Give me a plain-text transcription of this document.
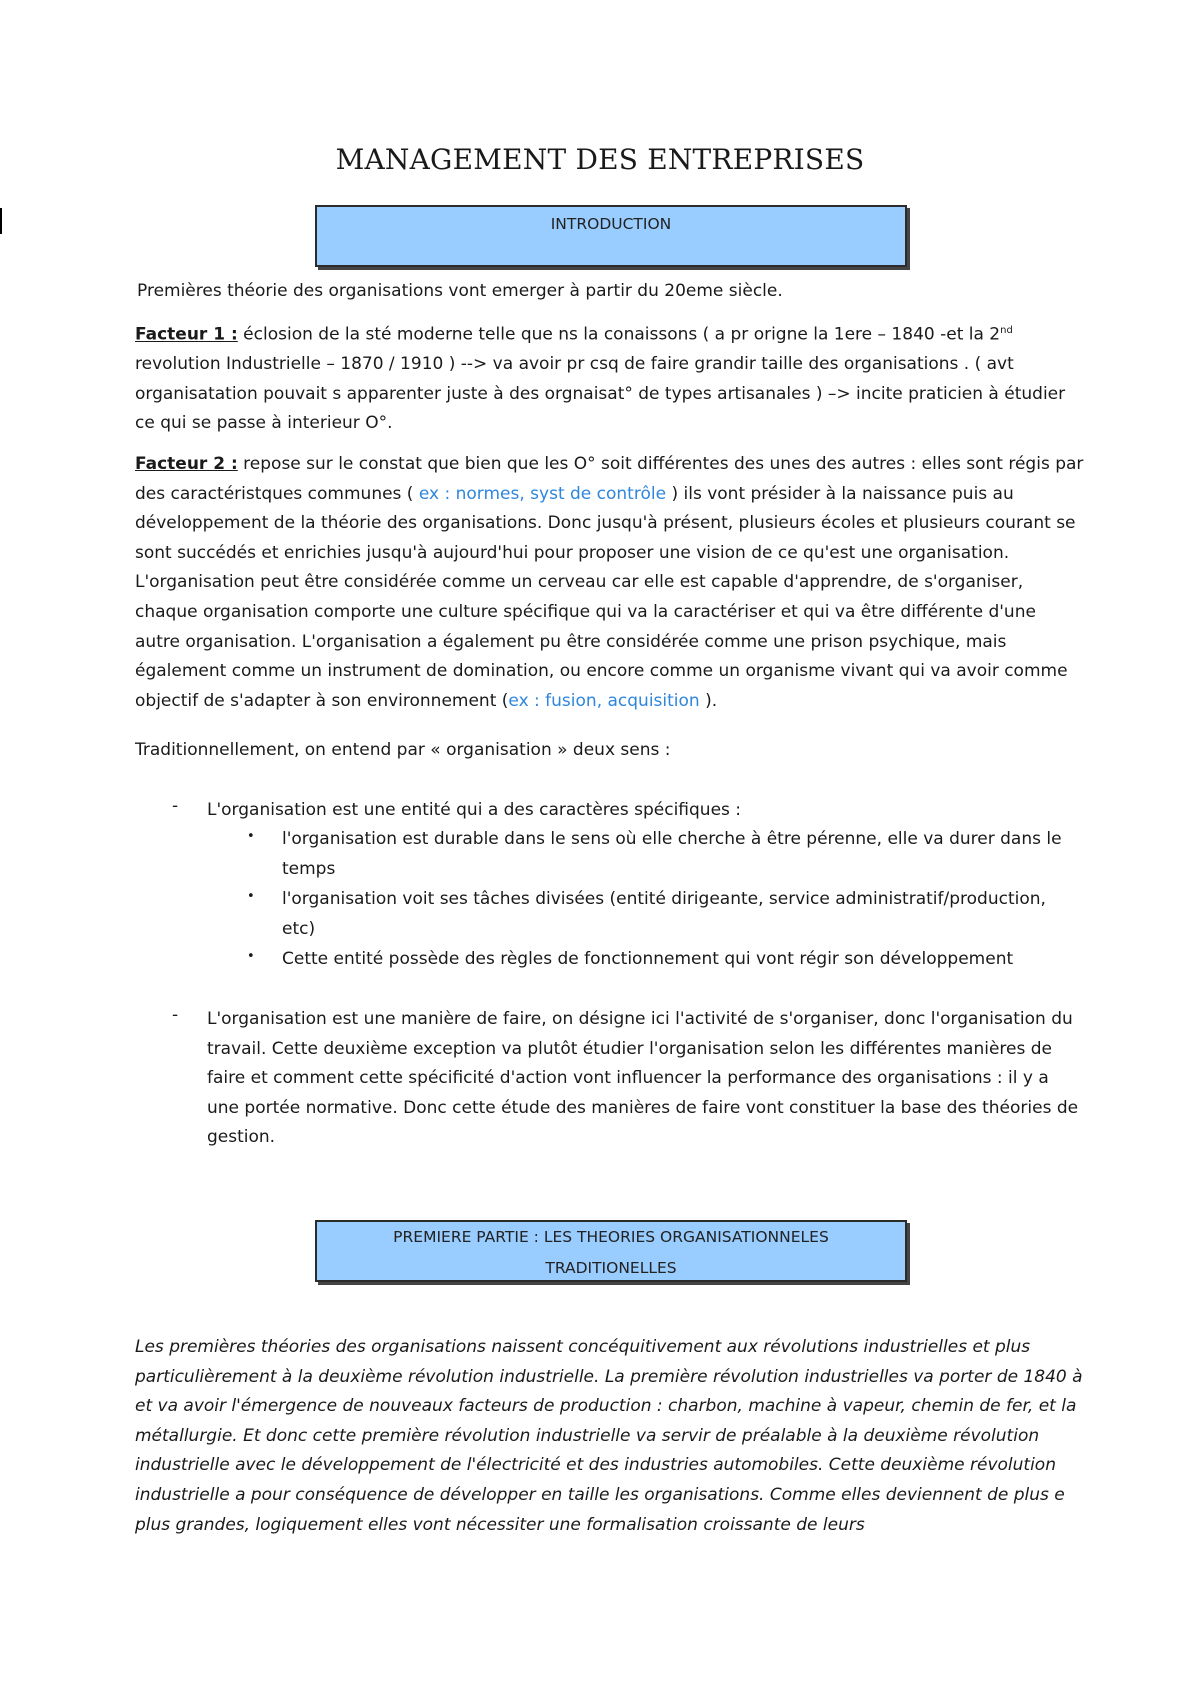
MANAGEMENT DES ENTREPRISES
INTRODUCTION
Premières théorie des organisations vont emerger à partir du 20eme siècle.
Facteur 1 : éclosion de la sté moderne telle que ns la conaissons ( a pr origne la 1ere – 1840 -et la 2nd revolution Industrielle – 1870 / 1910 ) --> va avoir pr csq de faire grandir taille des organisations . ( avt organisatation pouvait s apparenter juste à des orgnaisat° de types artisanales ) –> incite praticien à étudier ce qui se passe à interieur O°.
Facteur 2 : repose sur le constat que bien que les O° soit différentes des unes des autres : elles sont régis par des caractéristques communes ( ex : normes, syst de contrôle ) ils vont présider à la naissance puis au développement de la théorie des organisations. Donc jusqu'à présent, plusieurs écoles et plusieurs courant se sont succédés et enrichies jusqu'à aujourd'hui pour proposer une vision de ce qu'est une organisation. L'organisation peut être considérée comme un cerveau car elle est capable d'apprendre, de s'organiser, chaque organisation comporte une culture spécifique qui va la caractériser et qui va être différente d'une autre organisation. L'organisation a également pu être considérée comme une prison psychique, mais également comme un instrument de domination, ou encore comme un organisme vivant qui va avoir comme objectif de s'adapter à son environnement (ex : fusion, acquisition ).
Traditionnellement, on entend par « organisation » deux sens :
- L'organisation est une entité qui a des caractères spécifiques :
• l'organisation est durable dans le sens où elle cherche à être pérenne, elle va durer dans le temps
• l'organisation voit ses tâches divisées (entité dirigeante, service administratif/production, etc)
• Cette entité possède des règles de fonctionnement qui vont régir son développement
- L'organisation est une manière de faire, on désigne ici l'activité de s'organiser, donc l'organisation du travail. Cette deuxième exception va plutôt étudier l'organisation selon les différentes manières de faire et comment cette spécificité d'action vont influencer la performance des organisations : il y a une portée normative. Donc cette étude des manières de faire vont constituer la base des théories de gestion.
PREMIERE PARTIE : LES THEORIES ORGANISATIONNELES
TRADITIONELLES
Les premières théories des organisations naissent concéquitivement aux révolutions industrielles et plus particulièrement à la deuxième révolution industrielle. La première révolution industrielles va porter de 1840 à et va avoir l'émergence de nouveaux facteurs de production : charbon, machine à vapeur, chemin de fer, et la métallurgie. Et donc cette première révolution industrielle va servir de préalable à la deuxième révolution industrielle avec le développement de l'électricité et des industries automobiles. Cette deuxième révolution industrielle a pour conséquence de développer en taille les organisations. Comme elles deviennent de plus e plus grandes, logiquement elles vont nécessiter une formalisation croissante de leurs
